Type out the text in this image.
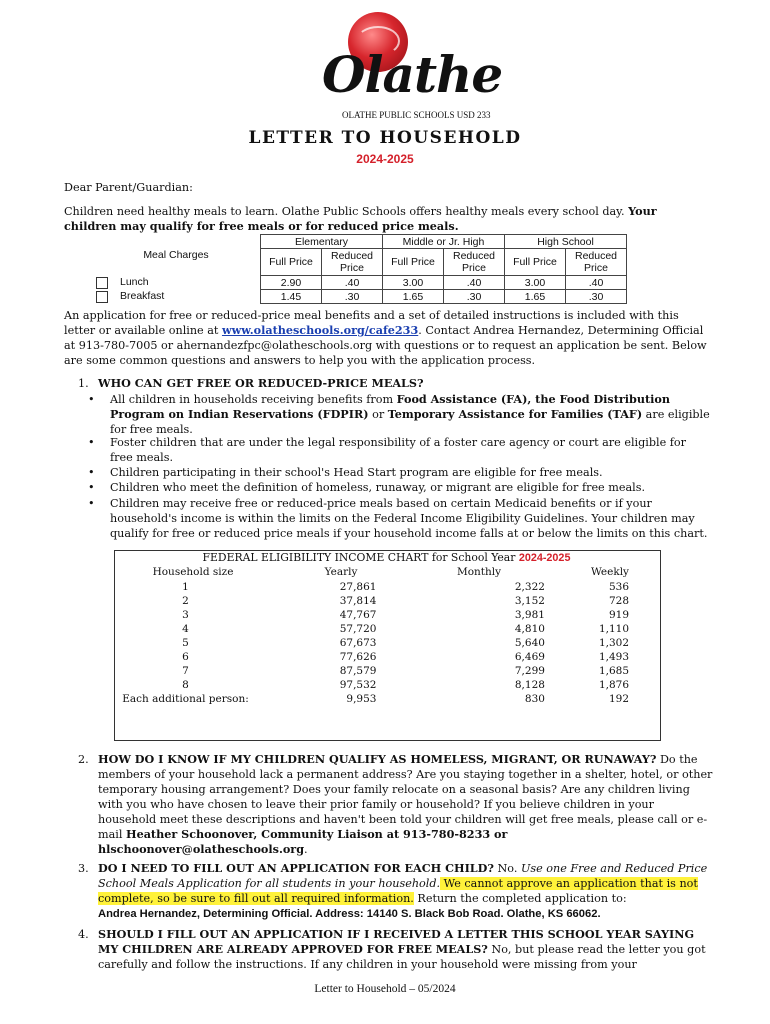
Olathe
OLATHE PUBLIC SCHOOLS USD 233
LETTER TO HOUSEHOLD
2024-2025
Dear Parent/Guardian:
Children need healthy meals to learn. Olathe Public Schools offers healthy meals every school day. Your children may qualify for free meals or for reduced price meals.
Meal Charges	Elementary		Middle or Jr. High		High School	
	Full Price	Reduced Price	Full Price	Reduced Price	Full Price	Reduced Price
Lunch	2.90	.40	3.00	.40	3.00	.40
Breakfast	1.45	.30	1.65	.30	1.65	.30
An application for free or reduced-price meal benefits and a set of detailed instructions is included with this letter or available online at www.olatheschools.org/cafe233. Contact Andrea Hernandez, Determining Official at 913-780-7005 or ahernandezfpc@olatheschools.org with questions or to request an application be sent. Below are some common questions and answers to help you with the application process.
1. WHO CAN GET FREE OR REDUCED-PRICE MEALS?
• All children in households receiving benefits from Food Assistance (FA), the Food Distribution Program on Indian Reservations (FDPIR) or Temporary Assistance for Families (TAF) are eligible for free meals.
• Foster children that are under the legal responsibility of a foster care agency or court are eligible for free meals.
• Children participating in their school's Head Start program are eligible for free meals.
• Children who meet the definition of homeless, runaway, or migrant are eligible for free meals.
• Children may receive free or reduced-price meals based on certain Medicaid benefits or if your household's income is within the limits on the Federal Income Eligibility Guidelines. Your children may qualify for free or reduced price meals if your household income falls at or below the limits on this chart.
FEDERAL ELIGIBILITY INCOME CHART for School Year 2024-2025
Household size	Yearly	Monthly	Weekly
1	27,861	2,322	536
2	37,814	3,152	728
3	47,767	3,981	919
4	57,720	4,810	1,110
5	67,673	5,640	1,302
6	77,626	6,469	1,493
7	87,579	7,299	1,685
8	97,532	8,128	1,876
Each additional person:	9,953	830	192
2. HOW DO I KNOW IF MY CHILDREN QUALIFY AS HOMELESS, MIGRANT, OR RUNAWAY? Do the members of your household lack a permanent address? Are you staying together in a shelter, hotel, or other temporary housing arrangement? Does your family relocate on a seasonal basis? Are any children living with you who have chosen to leave their prior family or household? If you believe children in your household meet these descriptions and haven't been told your children will get free meals, please call or e-mail Heather Schoonover, Community Liaison at 913-780-8233 or hlschoonover@olatheschools.org.
3. DO I NEED TO FILL OUT AN APPLICATION FOR EACH CHILD? No. Use one Free and Reduced Price School Meals Application for all students in your household. We cannot approve an application that is not complete, so be sure to fill out all required information. Return the completed application to:
Andrea Hernandez, Determining Official. Address: 14140 S. Black Bob Road. Olathe, KS 66062.
4. SHOULD I FILL OUT AN APPLICATION IF I RECEIVED A LETTER THIS SCHOOL YEAR SAYING MY CHILDREN ARE ALREADY APPROVED FOR FREE MEALS? No, but please read the letter you got carefully and follow the instructions. If any children in your household were missing from your
Letter to Household – 05/2024
